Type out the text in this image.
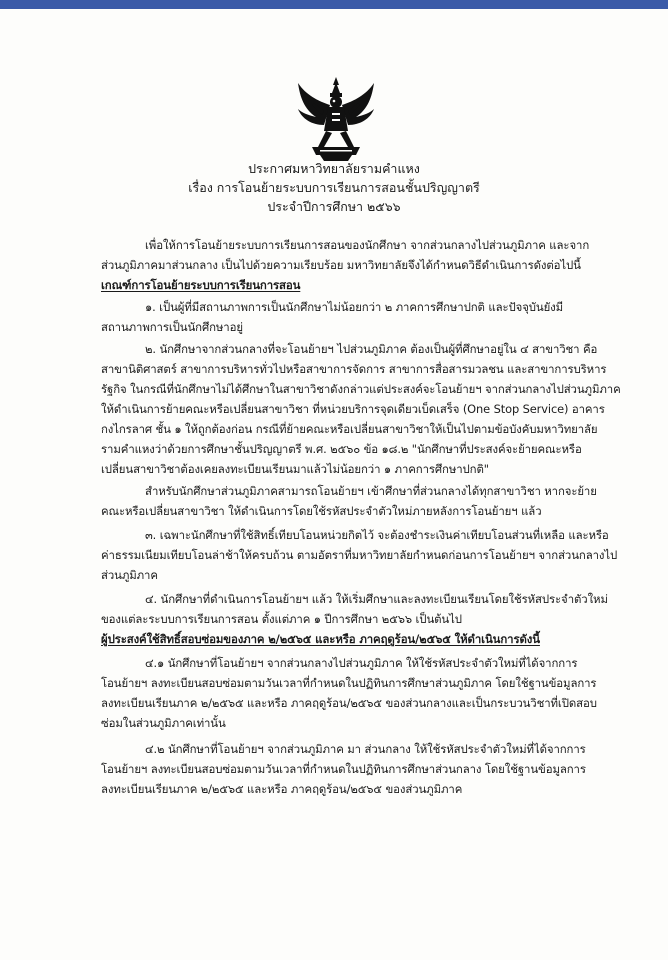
ประกาศมหาวิทยาลัยรามคำแหง
เรื่อง การโอนย้ายระบบการเรียนการสอนชั้นปริญญาตรี
ประจำปีการศึกษา ๒๕๖๖
เพื่อให้การโอนย้ายระบบการเรียนการสอนของนักศึกษา จากส่วนกลางไปส่วนภูมิภาค และจาก
ส่วนภูมิภาคมาส่วนกลาง เป็นไปด้วยความเรียบร้อย มหาวิทยาลัยจึงได้กำหนดวิธีดำเนินการดังต่อไปนี้
เกณฑ์การโอนย้ายระบบการเรียนการสอน
๑. เป็นผู้ที่มีสถานภาพการเป็นนักศึกษาไม่น้อยกว่า ๒ ภาคการศึกษาปกติ และปัจจุบันยังมี
สถานภาพการเป็นนักศึกษาอยู่
๒. นักศึกษาจากส่วนกลางที่จะโอนย้ายฯ ไปส่วนภูมิภาค ต้องเป็นผู้ที่ศึกษาอยู่ใน ๔ สาขาวิชา คือ
สาขานิติศาสตร์ สาขาการบริหารทั่วไปหรือสาขาการจัดการ สาขาการสื่อสารมวลชน และสาขาการบริหาร
รัฐกิจ ในกรณีที่นักศึกษาไม่ได้ศึกษาในสาขาวิชาดังกล่าวแต่ประสงค์จะโอนย้ายฯ จากส่วนกลางไปส่วนภูมิภาค
ให้ดำเนินการย้ายคณะหรือเปลี่ยนสาขาวิชา ที่หน่วยบริการจุดเดียวเบ็ดเสร็จ (One Stop Service) อาคาร
กงไกรลาศ ชั้น ๑ ให้ถูกต้องก่อน กรณีที่ย้ายคณะหรือเปลี่ยนสาขาวิชาให้เป็นไปตามข้อบังคับมหาวิทยาลัย
รามคำแหงว่าด้วยการศึกษาชั้นปริญญาตรี พ.ศ. ๒๕๖๐ ข้อ ๑๘.๒ "นักศึกษาที่ประสงค์จะย้ายคณะหรือ
เปลี่ยนสาขาวิชาต้องเคยลงทะเบียนเรียนมาแล้วไม่น้อยกว่า ๑ ภาคการศึกษาปกติ"
สำหรับนักศึกษาส่วนภูมิภาคสามารถโอนย้ายฯ เข้าศึกษาที่ส่วนกลางได้ทุกสาขาวิชา หากจะย้าย
คณะหรือเปลี่ยนสาขาวิชา ให้ดำเนินการโดยใช้รหัสประจำตัวใหม่ภายหลังการโอนย้ายฯ แล้ว
๓. เฉพาะนักศึกษาที่ใช้สิทธิ์เทียบโอนหน่วยกิตไว้ จะต้องชำระเงินค่าเทียบโอนส่วนที่เหลือ และหรือ
ค่าธรรมเนียมเทียบโอนล่าช้าให้ครบถ้วน ตามอัตราที่มหาวิทยาลัยกำหนดก่อนการโอนย้ายฯ จากส่วนกลางไป
ส่วนภูมิภาค
๔. นักศึกษาที่ดำเนินการโอนย้ายฯ แล้ว ให้เริ่มศึกษาและลงทะเบียนเรียนโดยใช้รหัสประจำตัวใหม่
ของแต่ละระบบการเรียนการสอน ตั้งแต่ภาค ๑ ปีการศึกษา ๒๕๖๖ เป็นต้นไป
ผู้ประสงค์ใช้สิทธิ์สอบซ่อมของภาค ๒/๒๕๖๕ และหรือ ภาคฤดูร้อน/๒๕๖๕ ให้ดำเนินการดังนี้
๔.๑ นักศึกษาที่โอนย้ายฯ จากส่วนกลางไปส่วนภูมิภาค ให้ใช้รหัสประจำตัวใหม่ที่ได้จากการ
โอนย้ายฯ ลงทะเบียนสอบซ่อมตามวันเวลาที่กำหนดในปฏิทินการศึกษาส่วนภูมิภาค โดยใช้ฐานข้อมูลการ
ลงทะเบียนเรียนภาค ๒/๒๕๖๕ และหรือ ภาคฤดูร้อน/๒๕๖๕ ของส่วนกลางและเป็นกระบวนวิชาที่เปิดสอบ
ซ่อมในส่วนภูมิภาคเท่านั้น
๔.๒ นักศึกษาที่โอนย้ายฯ จากส่วนภูมิภาค มา ส่วนกลาง ให้ใช้รหัสประจำตัวใหม่ที่ได้จากการ
โอนย้ายฯ ลงทะเบียนสอบซ่อมตามวันเวลาที่กำหนดในปฏิทินการศึกษาส่วนกลาง โดยใช้ฐานข้อมูลการ
ลงทะเบียนเรียนภาค ๒/๒๕๖๕ และหรือ ภาคฤดูร้อน/๒๕๖๕ ของส่วนภูมิภาค
